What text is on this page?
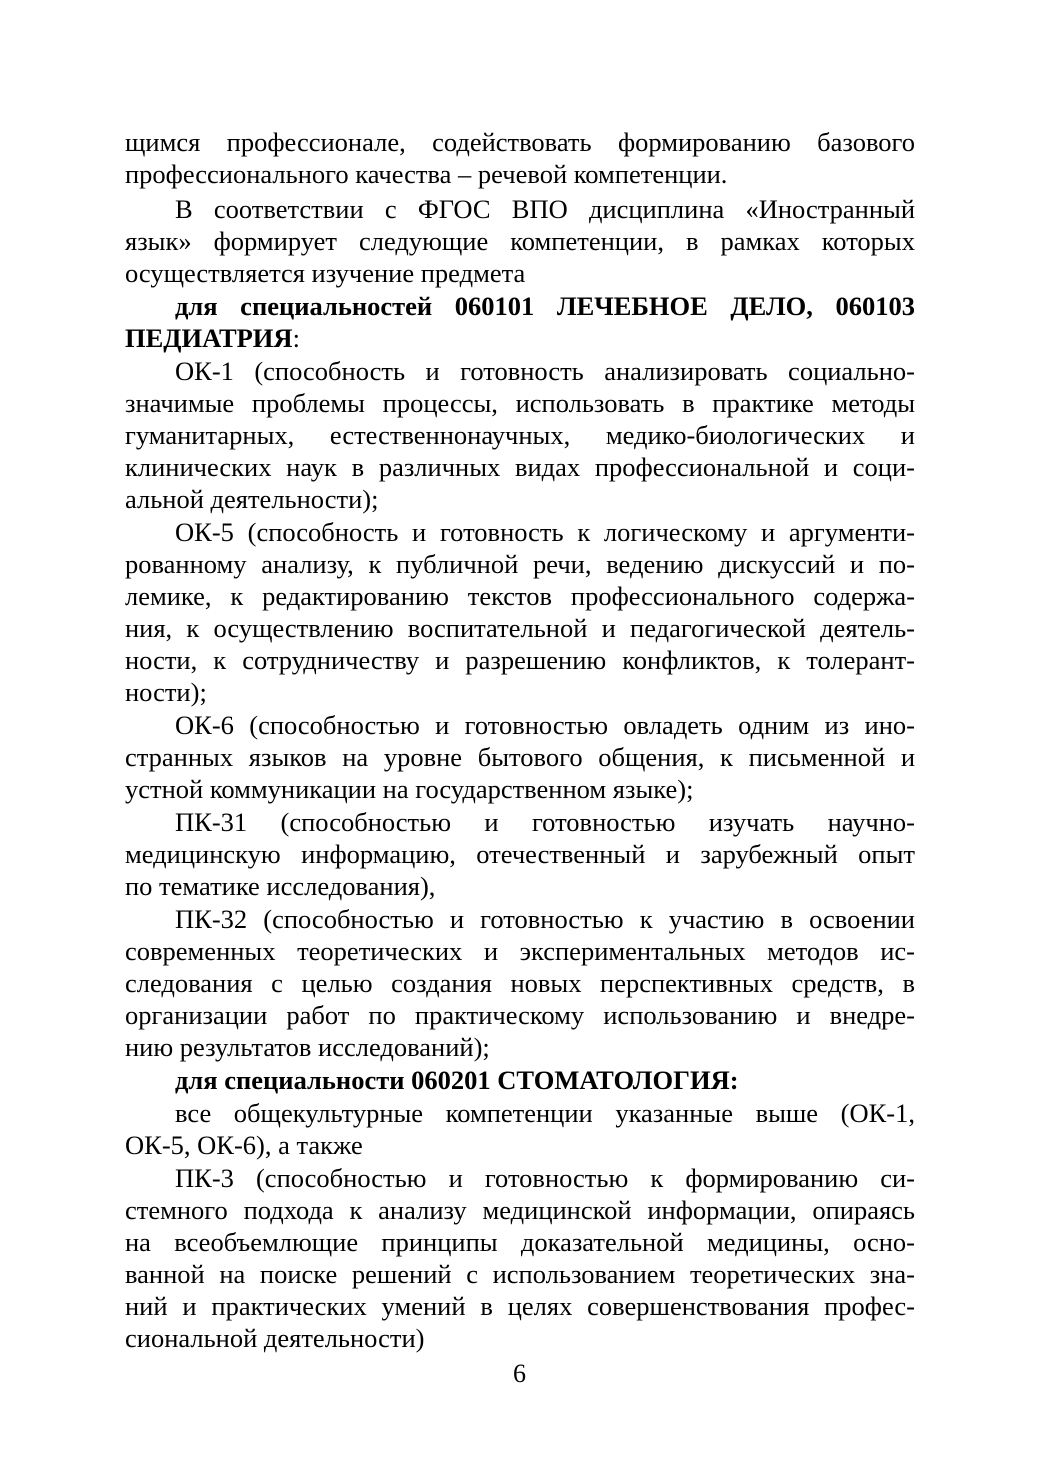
щимся профессионале, содействовать формированию базового
профессионального качества – речевой компетенции.
В соответствии с ФГОС ВПО дисциплина «Иностранный
язык» формирует следующие компетенции, в рамках которых
осуществляется изучение предмета
для специальностей 060101 ЛЕЧЕБНОЕ ДЕЛО, 060103
ПЕДИАТРИЯ:
ОК-1 (способность и готовность анализировать социально-
значимые проблемы процессы, использовать в практике методы
гуманитарных, естественнонаучных, медико-биологических и
клинических наук в различных видах профессиональной и соци-
альной деятельности);
ОК-5 (способность и готовность к логическому и аргументи-
рованному анализу, к публичной речи, ведению дискуссий и по-
лемике, к редактированию текстов профессионального содержа-
ния, к осуществлению воспитательной и педагогической деятель-
ности, к сотрудничеству и разрешению конфликтов, к толерант-
ности);
ОК-6 (способностью и готовностью овладеть одним из ино-
странных языков на уровне бытового общения, к письменной и
устной коммуникации на государственном языке);
ПК-31 (способностью и готовностью изучать научно-
медицинскую информацию, отечественный и зарубежный опыт
по тематике исследования),
ПК-32 (способностью и готовностью к участию в освоении
современных теоретических и экспериментальных методов ис-
следования с целью создания новых перспективных средств, в
организации работ по практическому использованию и внедре-
нию результатов исследований);
для специальности 060201 СТОМАТОЛОГИЯ:
все общекультурные компетенции указанные выше (ОК-1,
ОК-5, ОК-6), а также
ПК-3 (способностью и готовностью к формированию си-
стемного подхода к анализу медицинской информации, опираясь
на всеобъемлющие принципы доказательной медицины, осно-
ванной на поиске решений с использованием теоретических зна-
ний и практических умений в целях совершенствования профес-
сиональной деятельности)
6
